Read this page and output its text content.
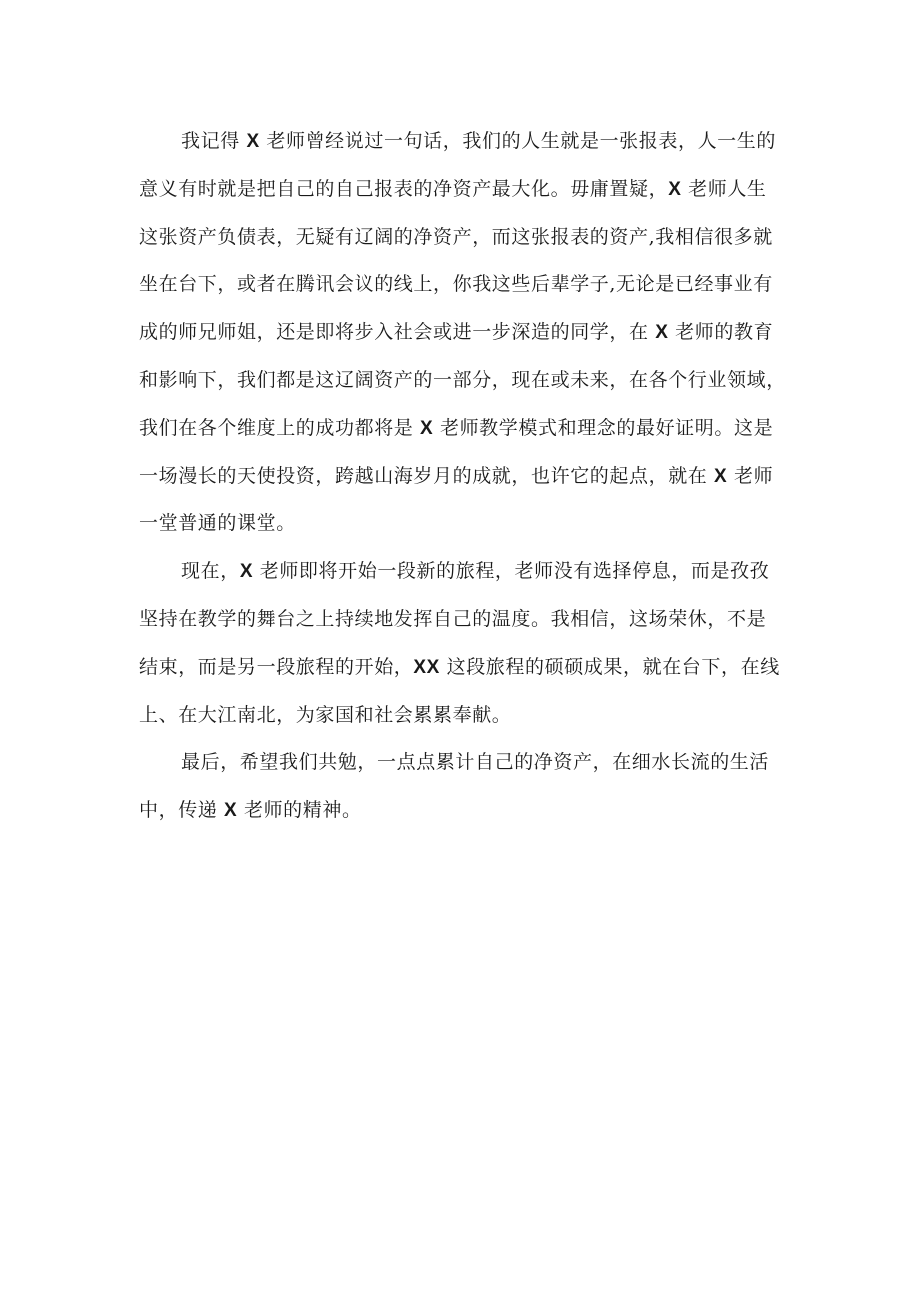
我记得 X 老师曾经说过一句话，我们的人生就是一张报表，人一生的
意义有时就是把自己的自己报表的净资产最大化。毋庸置疑，X 老师人生
这张资产负债表，无疑有辽阔的净资产，而这张报表的资产,我相信很多就
坐在台下，或者在腾讯会议的线上，你我这些后辈学子,无论是已经事业有
成的师兄师姐，还是即将步入社会或进一步深造的同学，在 X 老师的教育
和影响下，我们都是这辽阔资产的一部分，现在或未来，在各个行业领域，
我们在各个维度上的成功都将是 X 老师教学模式和理念的最好证明。这是
一场漫长的天使投资，跨越山海岁月的成就，也许它的起点，就在 X 老师
一堂普通的课堂。
现在，X 老师即将开始一段新的旅程，老师没有选择停息，而是孜孜
坚持在教学的舞台之上持续地发挥自己的温度。我相信，这场荣休，不是
结束，而是另一段旅程的开始，XX 这段旅程的硕硕成果，就在台下，在线
上、在大江南北，为家国和社会累累奉献。
最后，希望我们共勉，一点点累计自己的净资产，在细水长流的生活
中，传递 X 老师的精神。
